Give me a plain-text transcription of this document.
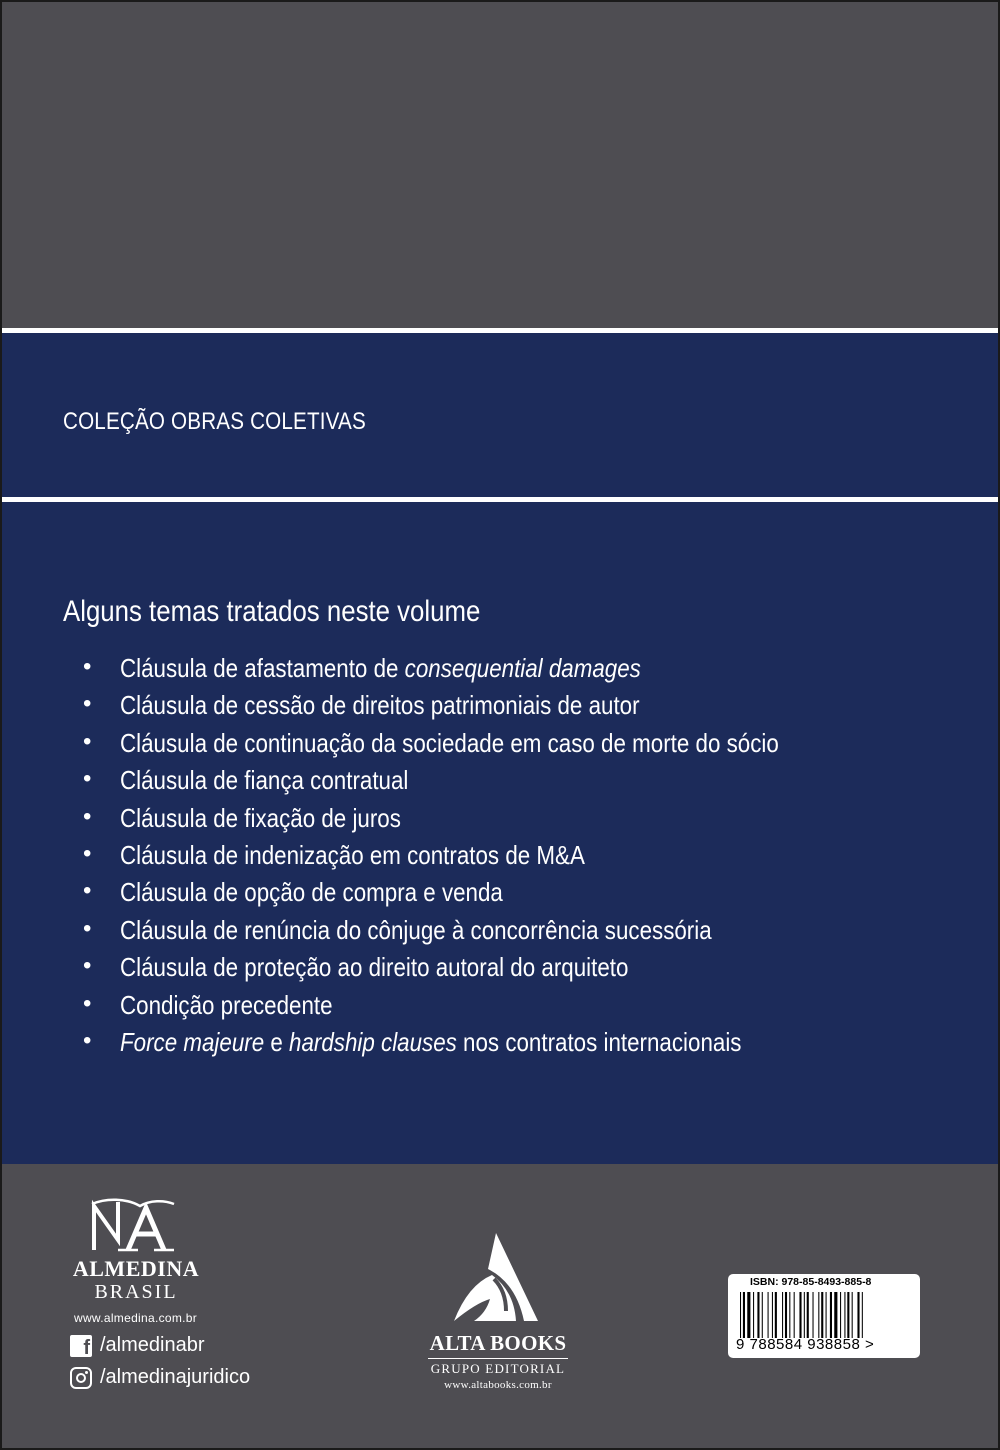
COLEÇÃO OBRAS COLETIVAS
Alguns temas tratados neste volume
• Cláusula de afastamento de consequential damages
• Cláusula de cessão de direitos patrimoniais de autor
• Cláusula de continuação da sociedade em caso de morte do sócio
• Cláusula de fiança contratual
• Cláusula de fixação de juros
• Cláusula de indenização em contratos de M&A
• Cláusula de opção de compra e venda
• Cláusula de renúncia do cônjuge à concorrência sucessória
• Cláusula de proteção ao direito autoral do arquiteto
• Condição precedente
• Force majeure e hardship clauses nos contratos internacionais
ALMEDINA
BRASIL
www.almedina.com.br
f /almedinabr
/almedinajuridico
ALTA BOOKS
GRUPO EDITORIAL
www.altabooks.com.br
ISBN: 978-85-8493-885-8
9 788584 938858 >
